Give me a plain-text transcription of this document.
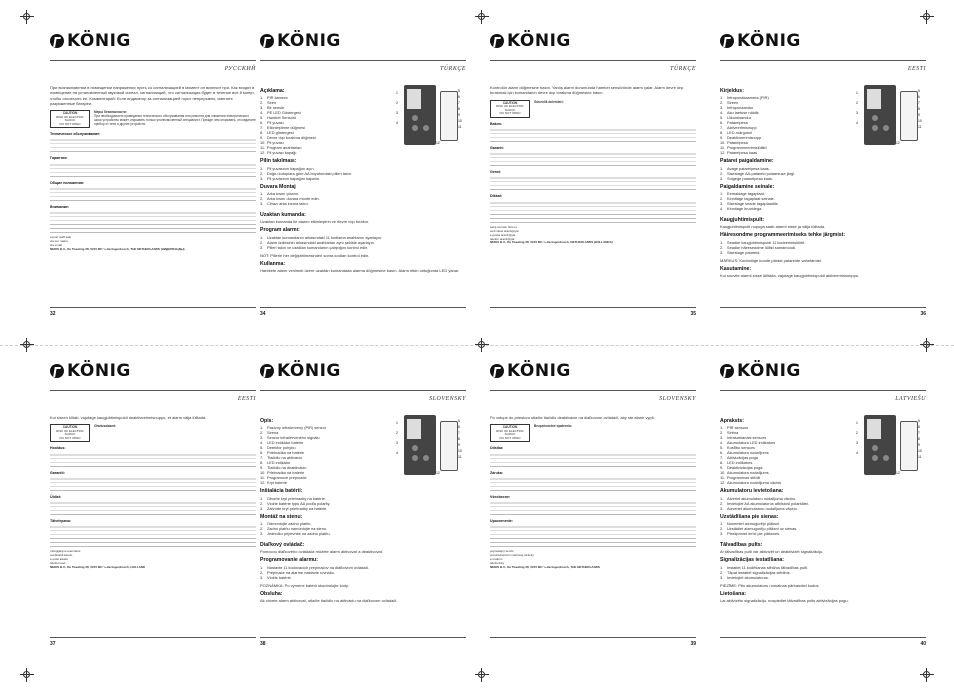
KÖNIG
РУССКИЙ

При возникновении в помещении напряжения пусть со сигнализацией в момент он включит при. Как входят в помещение на установленный звуковой сигнал, сигнализаций, что сигнализация будет в течение все 8 минут, чтобы отключить ее. Комментарий: Если индикатор за сигнализацией горит непрерывно, смените разряженные батареи.

CAUTION
RISK OF ELECTRIC SHOCK
DO NOT OPEN
Меры безопасности:
При необходимости проведения технического обслуживания или ремонта для снижения электрического шока устройство может открывать только уполномоченный специалист. Прежде чем открывать, отсоедините прибор от сети и других устройств.
Техническое обслуживание:
Гарантия:
Общие положения:
Внимание:
export staff sale
via our mains
via email
NEDIS B.V., De Tweeling 28, 5215 MC 's-Hertogenbosch, THE NETHERLANDS (НИДЕРЛАНДЫ)
32
KÖNIG
TÜRKÇE
Açıklama:
1. PIR kamera
2. Siren
3. Bir sensör
4. PE LED Göstergesi
5. Hareket Sensörü
6. Pil yuvası
7. Etkinleştirme düğmesi
8. LED göstergesi
9. Devre dışı bırakma düğmesi
10. Pil yuvası
11. Program anahtarları
12. Pil yuvası kapağı
Pilin takılması:
1. Pil yuvasının kapağını açın.
2. Doğru kutuplara göre AA boyutundaki pilleri takın.
3. Pil yuvasının kapağını kapatın.
Duvara Montaj
1. Arka kısmı çıkarın.
2. Arka kısmı duvara monte edin.
3. Cihazı arka kısma takın.
1
2
3
4
5
6
7
8
9
10
11
12
Uzaktan kumanda:

Uzaktan kumanda ile alarmı etkinleştirin ve devre dışı bırakın.

Program alarmı:
1. Uzaktan kumandanın arkasındaki 11 kodlama anahtarını ayarlayın.
2. Alarm ünitesinin arkasındaki anahtarları aynı şekilde ayarlayın.
3. Pilleri takın ve uzaktan kumandanın çalıştığını kontrol edin.

NOT: Pillerin her değiştirilmesinden sonra kodları kontrol edin.

Kullanma:

Harekete alarm verilmek üzere uzaktan kumandada alarma düğmesine basın. Alarm etkin olduğunda LED yanar.

34
KÖNIG
TÜRKÇE

Kontrolün alarm düğmesine basın. Yanlış alarm durumunda hareket sensöründe alarm çalar. Alarm devre dışı bırakmak için kumandanın devre dışı bırakma düğmesine basın.

CAUTION
RISK OF ELECTRIC SHOCK
DO NOT OPEN
Güvenlik önlemleri:
Bakım:
Garanti:
Genel:
Dikkat:
satış sonrası hizmet
web sitesi aracılığıyla
e-posta aracılığıyla
telefon aracılığıyla
NEDIS B.V., De Tweeling 28, 5215 MC 's-Hertogenbosch, NETHERLANDS (HOLLANDA)
35
KÖNIG
EESTI
Kirjeldus:
1. Infrapunakaamera (PIR)
2. Sireen
3. Infrapunaandur
4. Aku laetuse näidik
5. Liikumisandur
6. Patareipesa
7. Aktiveerimisnupp
8. LED-märgutuli
9. Deaktiveerimisnupp
10. Patareipesa
11. Programmeerimislülitid
12. Patareipesa kaas
Patarei paigaldamine:
1. Avage patareipesa kaas.
2. Sisestage AA-patareid polaarsuse järgi.
3. Sulgege patareipesa kaas.
Paigaldamine seinale:
1. Eemaldage tagaplaat.
2. Kinnitage tagaplaat seinale.
3. Sisestage seade tagaplaadile.
4. Kinnitage kruvidega.
1
2
3
4
5
6
7
8
9
10
11
12
Kaugjuhtimispult:

Kaugjuhtimispulti nupuga saab alarmi sisse ja välja lülitada.

Häiresondme programmeerimiseks tehke järgmist:
1. Seadke kaugjuhtimispuldi 11 kodeerimislülitit.
2. Seadke häireseadme lülitid samamoodi.
3. Sisestage patareid.

MÄRKUS: Kontrollige koode pärast patareide vahetamist.

Kasutamine:

Kui soovite alarmi sisse lülitada, vajutage kaugjuhtimispuldi aktiveerimisnuppu.

36
KÖNIG
EESTI

Kui sireen kõlab, vajutage kaugjuhtimispuldi deaktiveerimisnuppu, et alarm välja lülitada.

CAUTION
RISK OF ELECTRIC SHOCK
DO NOT OPEN
Ohutusalased:
Hooldus:
Garantii:
Üldist:
Tähelepanu:
müügijärgne teenindus
veebisaidi kaudu
e-posti kaudu
telefoni teel
NEDIS B.V., De Tweeling 28, 5215 MC 's-Hertogenbosch, HOLLAND
37
KÖNIG
SLOVENSKY
Opis:
1. Pasívny infračervený (PIR) senzor
2. Siréna
3. Senzor infračerveného signálu
4. LED indikátor batérie
5. Detektor pohybu
6. Priehradka na batérie
7. Tlačidlo na aktiváciu
8. LED indikátor
9. Tlačidlo na deaktiváciu
10. Priehradka na batérie
11. Programové prepínače
12. Kryt batérie
Inštalácia batérií:
1. Otvorte kryt priehradky na batérie.
2. Vložte batérie typu AA podľa polarity.
3. Zatvorte kryt priehradky na batérie.
Montáž na stenu:
1. Odmontujte zadnú platňu.
2. Zadnú platňu namontujte na stenu.
3. Jednotku pripevnite na zadnú platňu.
1
2
3
4
5
6
7
8
9
10
11
12
Diaľkový ovládač:

Pomocou diaľkového ovládača môžete alarm aktivovať a deaktivovať.

Programovanie alarmu:
1. Nastavte 11 kódovacích prepínačov na diaľkovom ovládači.
2. Prepínače na alarme nastavte rovnako.
3. Vložte batérie.

POZNÁMKA: Po výmene batérií skontrolujte kódy.

Obsluha:

Ak chcete alarm aktivovať, stlačte tlačidlo na aktiváciu na diaľkovom ovládači.

38
KÖNIG
SLOVENSKY

Po vstupe do priestoru stlačte tlačidlo deaktivácie na diaľkovom ovládači, aby ste alarm vypli.

CAUTION
RISK OF ELECTRIC SHOCK
DO NOT OPEN
Bezpečnostné opatrenia:
Údržba:
Záruka:
Všeobecne:
Upozornenie:
popredajný servis
prostredníctvom webovej stránky
e-mailom
telefonicky
NEDIS B.V., De Tweeling 28, 5215 MC 's-Hertogenbosch, THE NETHERLANDS
39
KÖNIG
LATVIEŠU
Apraksts:
1. PIR sensors
2. Sirēna
3. Infrasarkanais sensors
4. Akumulatora LED indikators
5. Kustību sensors
6. Akumulatora nodalījums
7. Aktivizācijas poga
8. LED indikators
9. Deaktivizācijas poga
10. Akumulatora nodalījums
11. Programmas slēdži
12. Akumulatora nodalījuma vāciņš
Akumulatoru ievietošana:
1. Atveriet akumulatoru nodalījuma vāciņu.
2. Ievietojiet AA akumulatorus atbilstoši polaritātei.
3. Aizveriet akumulatoru nodalījuma vāciņu.
Uzstādīšana pie sienas:
1. Noņemiet aizmugurējo plāksni.
2. Uzstādiet aizmugurējo plāksni uz sienas.
3. Piestipriniet ierīci pie plāksnes.
1
2
3
4
5
6
7
8
9
10
11
12
Tālvadības pults:

Ar tālvadības pulti var aktivizēt un deaktivizēt signalizāciju.

Signalizācijas iestatīšana:
1. Iestatiet 11 kodēšanas slēdžus tālvadības pultī.
2. Tāpat iestatiet signalizācijas slēdžus.
3. Ievietojiet akumulatorus.

PIEZĪME: Pēc akumulatoru nomaiņas pārbaudiet kodus.

Lietošana:

Lai aktivizētu signalizāciju, nospiediet tālvadības pults aktivizācijas pogu.

40
